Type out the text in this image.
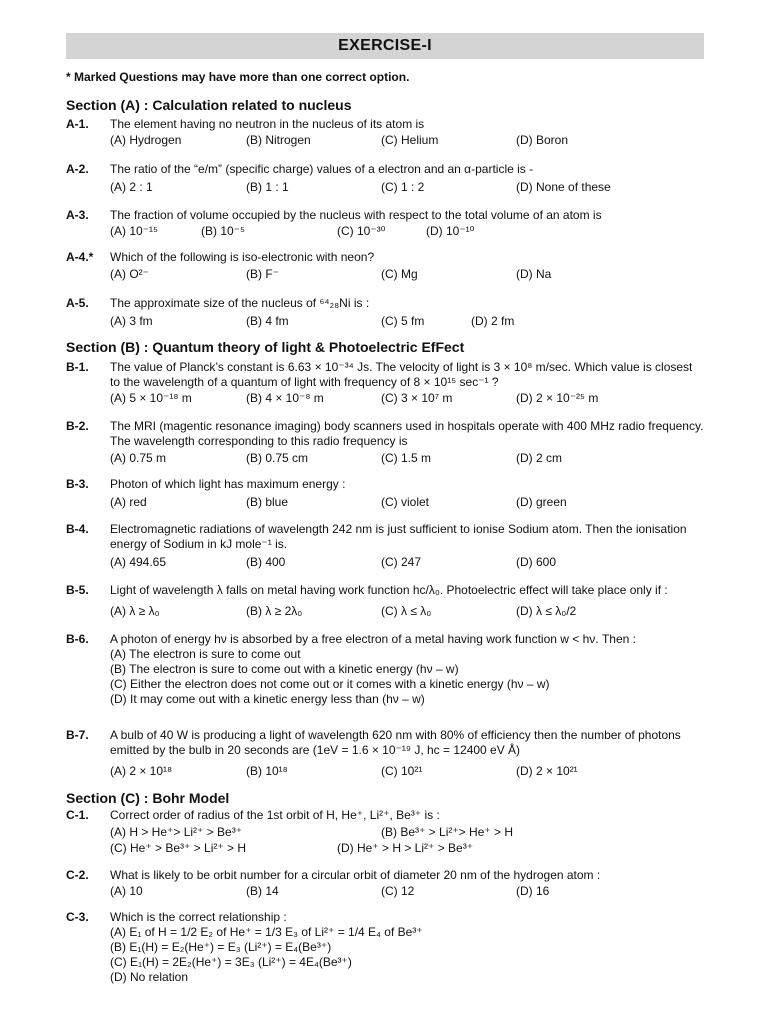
EXERCISE-I
* Marked Questions may have more than one correct option.
Section (A) : Calculation related to nucleus
A-1. The element having no neutron in the nucleus of its atom is
(A) Hydrogen	(B) Nitrogen	(C) Helium	(D) Boron
A-2. The ratio of the “e/m” (specific charge) values of a electron and an α-particle is -
(A) 2 : 1	(B) 1 : 1	(C) 1 : 2	(D) None of these
A-3. The fraction of volume occupied by the nucleus with respect to the total volume of an atom is
(A) 10⁻¹⁵	(B) 10⁻⁵	(C) 10⁻³⁰	(D) 10⁻¹⁰
A-4.* Which of the following is iso-electronic with neon?
(A) O²⁻	(B) F⁻	(C) Mg	(D) Na
A-5. The approximate size of the nucleus of ⁶⁴₂₈Ni is :
(A) 3 fm	(B) 4 fm	(C) 5 fm	(D) 2 fm
Section (B) : Quantum theory of light & Photoelectric EfFect
B-1. The value of Planck’s constant is 6.63 × 10⁻³⁴ Js. The velocity of light is 3 × 10⁸ m/sec. Which value is closest
to the wavelength of a quantum of light with frequency of 8 × 10¹⁵ sec⁻¹ ?
(A) 5 × 10⁻¹⁸ m	(B) 4 × 10⁻⁸ m	(C) 3 × 10⁷ m	(D) 2 × 10⁻²⁵ m
B-2. The MRI (magentic resonance imaging) body scanners used in hospitals operate with 400 MHz radio frequency.
The wavelength corresponding to this radio frequency is
(A) 0.75 m	(B) 0.75 cm	(C) 1.5 m	(D) 2 cm
B-3. Photon of which light has maximum energy :
(A) red	(B) blue	(C) violet	(D) green
B-4. Electromagnetic radiations of wavelength 242 nm is just sufficient to ionise Sodium atom. Then the ionisation
energy of Sodium in kJ mole⁻¹ is.
(A) 494.65	(B) 400	(C) 247	(D) 600
B-5. Light of wavelength λ falls on metal having work function hc/λ₀. Photoelectric effect will take place only if :
(A) λ ≥ λ₀	(B) λ ≥ 2λ₀	(C) λ ≤ λ₀	(D) λ ≤ λ₀/2
B-6. A photon of energy hν is absorbed by a free electron of a metal having work function w < hν. Then :
(A) The electron is sure to come out
(B) The electron is sure to come out with a kinetic energy (hν – w)
(C) Either the electron does not come out or it comes with a kinetic energy (hν – w)
(D) It may come out with a kinetic energy less than (hν – w)
B-7. A bulb of 40 W is producing a light of wavelength 620 nm with 80% of efficiency then the number of photons
emitted by the bulb in 20 seconds are (1eV = 1.6 × 10⁻¹⁹ J, hc = 12400 eV Å)
(A) 2 × 10¹⁸	(B) 10¹⁸	(C) 10²¹	(D) 2 × 10²¹
Section (C) : Bohr Model
C-1. Correct order of radius of the 1st orbit of H, He⁺, Li²⁺, Be³⁺ is :
(A) H > He⁺> Li²⁺ > Be³⁺	(B) Be³⁺ > Li²⁺> He⁺ > H
(C) He⁺ > Be³⁺ > Li²⁺ > H	(D) He⁺ > H > Li²⁺ > Be³⁺
C-2. What is likely to be orbit number for a circular orbit of diameter 20 nm of the hydrogen atom :
(A) 10	(B) 14	(C) 12	(D) 16
C-3. Which is the correct relationship :
(A) E₁ of H = 1/2 E₂ of He⁺ = 1/3 E₃ of Li²⁺ = 1/4 E₄ of Be³⁺
(B) E₁(H) = E₂(He⁺) = E₃ (Li²⁺) = E₄(Be³⁺)
(C) E₁(H) = 2E₂(He⁺) = 3E₃ (Li²⁺) = 4E₄(Be³⁺)
(D) No relation
